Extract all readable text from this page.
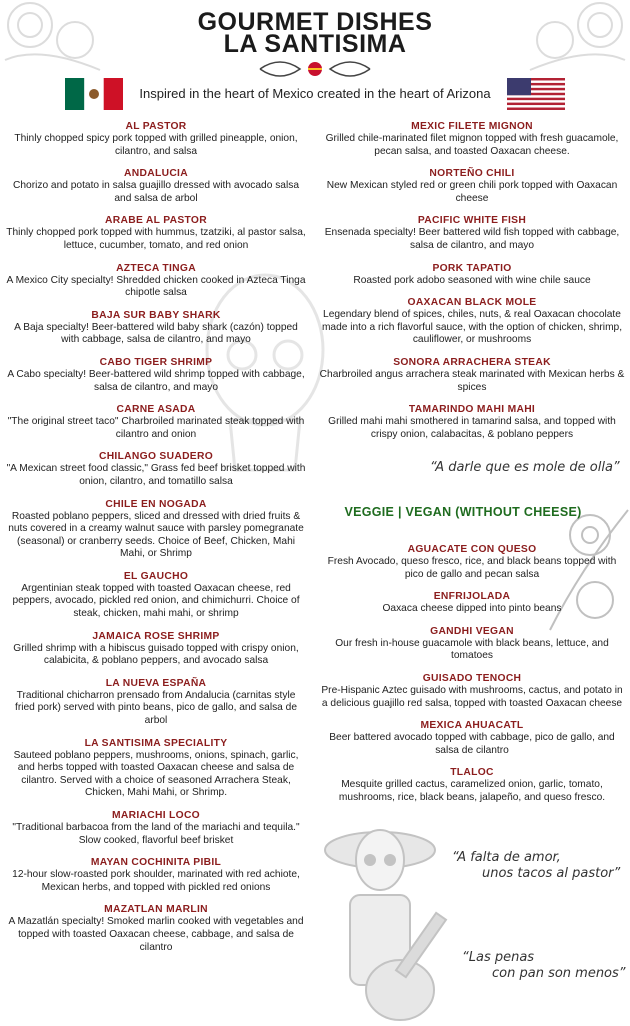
GOURMET DISHES
LA SANTISIMA
Inspired in the heart of Mexico created in the heart of Arizona
AL PASTOR
Thinly chopped spicy pork topped with grilled pineapple, onion, cilantro, and salsa
ANDALUCIA
Chorizo and potato in salsa guajillo dressed with avocado salsa and salsa de arbol
ARABE AL PASTOR
Thinly chopped pork topped with hummus, tzatziki, al pastor salsa, lettuce, cucumber, tomato, and red onion
AZTECA TINGA
A Mexico City specialty! Shredded chicken cooked in Azteca Tinga chipotle salsa
BAJA SUR BABY SHARK
A Baja specialty! Beer-battered wild baby shark (cazón) topped with cabbage, salsa de cilantro, and mayo
CABO TIGER SHRIMP
A Cabo specialty! Beer-battered wild shrimp topped with cabbage, salsa de cilantro, and mayo
CARNE ASADA
"The original street taco" Charbroiled marinated steak topped with cilantro and onion
CHILANGO SUADERO
"A Mexican street food classic," Grass fed beef brisket topped with onion, cilantro, and tomatillo salsa
CHILE EN NOGADA
Roasted poblano peppers, sliced and dressed with dried fruits & nuts covered in a creamy walnut sauce with parsley pomegranate (seasonal) or cranberry seeds. Choice of Beef, Chicken, Mahi Mahi, or Shrimp
EL GAUCHO
Argentinian steak topped with toasted Oaxacan cheese, red peppers, avocado, pickled red onion, and chimichurri. Choice of steak, chicken, mahi mahi, or shrimp
JAMAICA ROSE SHRIMP
Grilled shrimp with a hibiscus guisado topped with crispy onion, calabicita, & poblano peppers, and avocado salsa
LA NUEVA ESPAÑA
Traditional chicharron prensado from Andalucia (carnitas style fried pork) served with pinto beans, pico de gallo, and salsa de arbol
LA SANTISIMA SPECIALITY
Sauteed poblano peppers, mushrooms, onions, spinach, garlic, and herbs topped with toasted Oaxacan cheese and salsa de cilantro. Served with a choice of seasoned Arrachera Steak, Chicken, Mahi Mahi, or Shrimp.
MARIACHI LOCO
"Traditional barbacoa from the land of the mariachi and tequila." Slow cooked, flavorful beef brisket
MAYAN COCHINITA PIBIL
12-hour slow-roasted pork shoulder, marinated with red achiote, Mexican herbs, and topped with pickled red onions
MAZATLAN MARLIN
A Mazatlán specialty! Smoked marlin cooked with vegetables and topped with toasted Oaxacan cheese, cabbage, and salsa de cilantro
MEXIC FILETE MIGNON
Grilled chile-marinated filet mignon topped with fresh guacamole, pecan salsa, and toasted Oaxacan cheese.
NORTEÑO CHILI
New Mexican styled red or green chili pork topped with Oaxacan cheese
PACIFIC WHITE FISH
Ensenada specialty! Beer battered wild fish topped with cabbage, salsa de cilantro, and mayo
PORK TAPATIO
Roasted pork adobo seasoned with wine chile sauce
OAXACAN BLACK MOLE
Legendary blend of spices, chiles, nuts, & real Oaxacan chocolate made into a rich flavorful sauce, with the option of chicken, shrimp, cauliflower, or mushrooms
SONORA ARRACHERA STEAK
Charbroiled angus arrachera steak marinated with Mexican herbs & spices
TAMARINDO MAHI MAHI
Grilled mahi mahi smothered in tamarind salsa, and topped with crispy onion, calabacitas, & poblano peppers
“A darle que es mole de olla”
VEGGIE | VEGAN (WITHOUT CHEESE)
AGUACATE CON QUESO
Fresh Avocado, queso fresco, rice, and black beans topped with pico de gallo and pecan salsa
ENFRIJOLADA
Oaxaca cheese dipped into pinto beans
GANDHI VEGAN
Our fresh in-house guacamole with black beans, lettuce, and tomatoes
GUISADO TENOCH
Pre-Hispanic Aztec guisado with mushrooms, cactus, and potato in a delicious guajillo red salsa, topped with toasted Oaxacan cheese
MEXICA AHUACATL
Beer battered avocado topped with cabbage, pico de gallo, and salsa de cilantro
TLALOC
Mesquite grilled cactus, caramelized onion, garlic, tomato, mushrooms, rice, black beans, jalapeño, and queso fresco.
“A falta de amor,
unos tacos al pastor”
“Las penas
con pan son menos”
